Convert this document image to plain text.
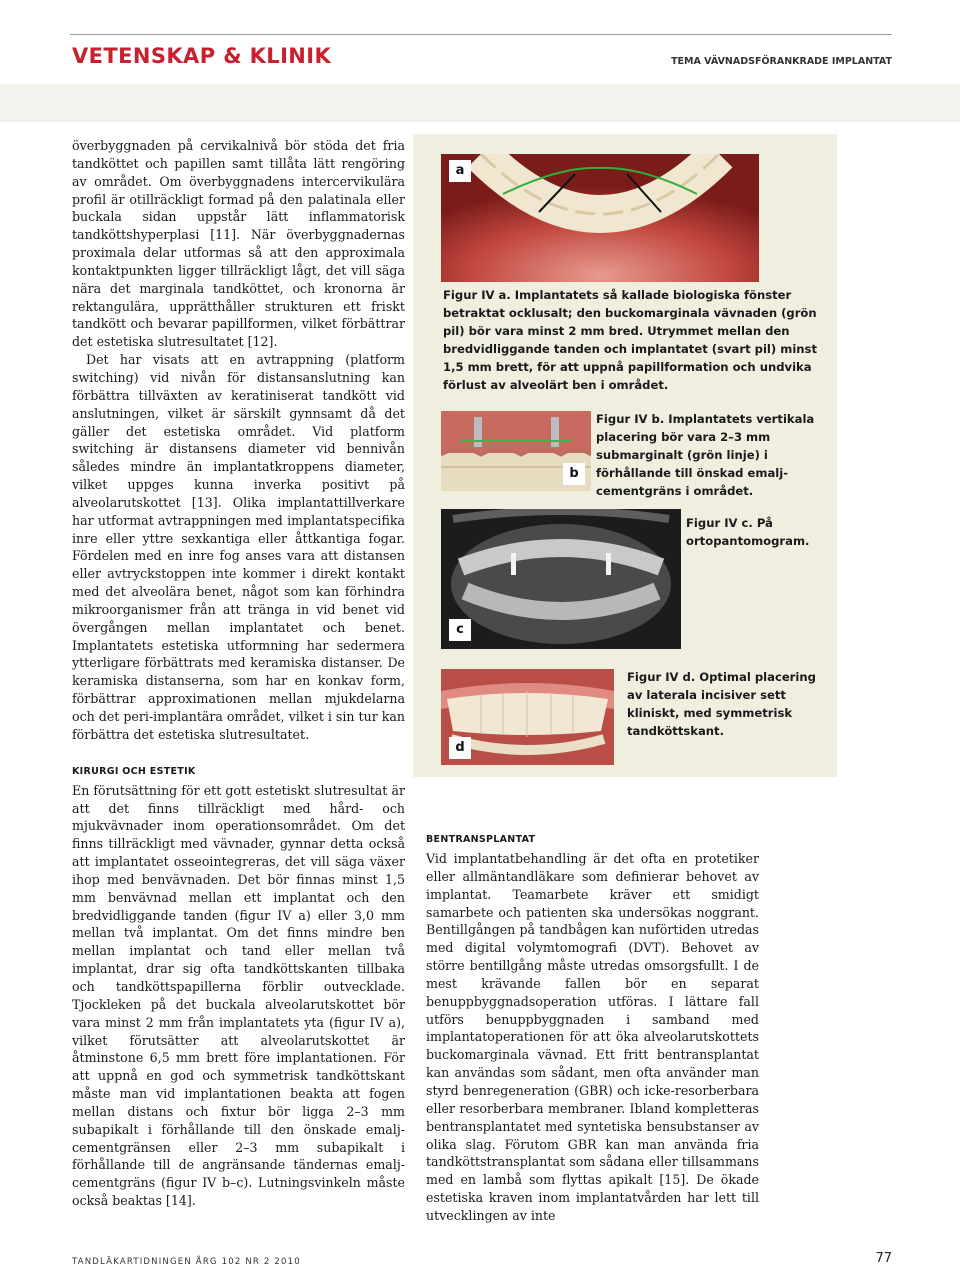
VETENSKAP & KLINIK	TEMA VÄVNADSFÖRANKRADE IMPLANTAT

överbyggnaden på cervikalnivå bör stöda det fria tandköttet och papillen samt tillåta lätt rengöring av området. Om överbyggnadens intercervikulära profil är otillräckligt formad på den palatinala eller buckala sidan uppstår lätt inflammatorisk tandköttshyperplasi [11]. När överbyggnadernas proximala delar utformas så att den approximala kontaktpunkten ligger tillräckligt lågt, det vill säga nära det marginala tandköttet, och kronorna är rektangulära, upprätthåller strukturen ett friskt tandkött och bevarar papillformen, vilket förbättrar det estetiska slutresultatet [12].

Det har visats att en avtrappning (platform switching) vid nivån för distansanslutning kan förbättra tillväxten av keratiniserat tandkött vid anslutningen, vilket är särskilt gynnsamt då det gäller det estetiska området. Vid platform switching är distansens diameter vid bennivån således mindre än implantatkroppens diameter, vilket uppges kunna inverka positivt på alveolarutskottet [13]. Olika implantattillverkare har utformat avtrappningen med implantatspecifika inre eller yttre sexkantiga eller åttkantiga fogar. Fördelen med en inre fog anses vara att distansen eller avtryckstoppen inte kommer i direkt kontakt med det alveolära benet, något som kan förhindra mikroorganismer från att tränga in vid benet vid övergången mellan implantatet och benet. Implantatets estetiska utformning har sedermera ytterligare förbättrats med keramiska distanser. De keramiska distanserna, som har en konkav form, förbättrar approximationen mellan mjukdelarna och det peri-implantära området, vilket i sin tur kan förbättra det estetiska slutresultatet.

KIRURGI OCH ESTETIK

En förutsättning för ett gott estetiskt slutresultat är att det finns tillräckligt med hård- och mjukvävnader inom operationsområdet. Om det finns tillräckligt med vävnader, gynnar detta också att implantatet osseointegreras, det vill säga växer ihop med benvävnaden. Det bör finnas minst 1,5 mm benvävnad mellan ett implantat och den bredvidliggande tanden (figur IV a) eller 3,0 mm mellan två implantat. Om det finns mindre ben mellan implantat och tand eller mellan två implantat, drar sig ofta tandköttskanten tillbaka och tandköttspapillerna förblir outvecklade. Tjockleken på det buckala alveolarutskottet bör vara minst 2 mm från implantatets yta (figur IV a), vilket förutsätter att alveolarutskottet är åtminstone 6,5 mm brett före implantationen. För att uppnå en god och symmetrisk tandköttskant måste man vid implantationen beakta att fogen mellan distans och fixtur bör ligga 2–3 mm subapikalt i förhållande till den önskade emalj-cementgränsen eller 2–3 mm subapikalt i förhållande till de angränsande tändernas emalj-cementgräns (figur IV b–c). Lutningsvinkeln måste också beaktas [14].

a
Figur IV a. Implantatets så kallade biologiska fönster betraktat ocklusalt; den buckomarginala vävnaden (grön pil) bör vara minst 2 mm bred. Utrymmet mellan den bredvidliggande tanden och implantatet (svart pil) minst 1,5 mm brett, för att uppnå papillformation och undvika förlust av alveolärt ben i området.
b
Figur IV b. Implantatets vertikala placering bör vara 2–3 mm submarginalt (grön linje) i förhållande till önskad emalj-cementgräns i området.
c
Figur IV c. På ortopantomogram.
d
Figur IV d. Optimal placering av laterala incisiver sett kliniskt, med symmetrisk tandköttskant.
BENTRANSPLANTAT

Vid implantatbehandling är det ofta en protetiker eller allmäntandläkare som definierar behovet av implantat. Teamarbete kräver ett smidigt samarbete och patienten ska undersökas noggrant. Bentillgången på tandbågen kan nuförtiden utredas med digital volymtomografi (DVT). Behovet av större bentillgång måste utredas omsorgsfullt. I de mest krävande fallen bör en separat benuppbyggnadsoperation utföras. I lättare fall utförs benuppbyggnaden i samband med implantatoperationen för att öka alveolarutskottets buckomarginala vävnad. Ett fritt bentransplantat kan användas som sådant, men ofta använder man styrd benregeneration (GBR) och icke-resorberbara eller resorberbara membraner. Ibland kompletteras bentransplantatet med syntetiska bensubstanser av olika slag. Förutom GBR kan man använda fria tandköttstransplantat som sådana eller tillsammans med en lambå som flyttas apikalt [15]. De ökade estetiska kraven inom implantatvården har lett till utvecklingen av inte

TANDLÄKARTIDNINGEN ÅRG 102 NR 2 2010	77
